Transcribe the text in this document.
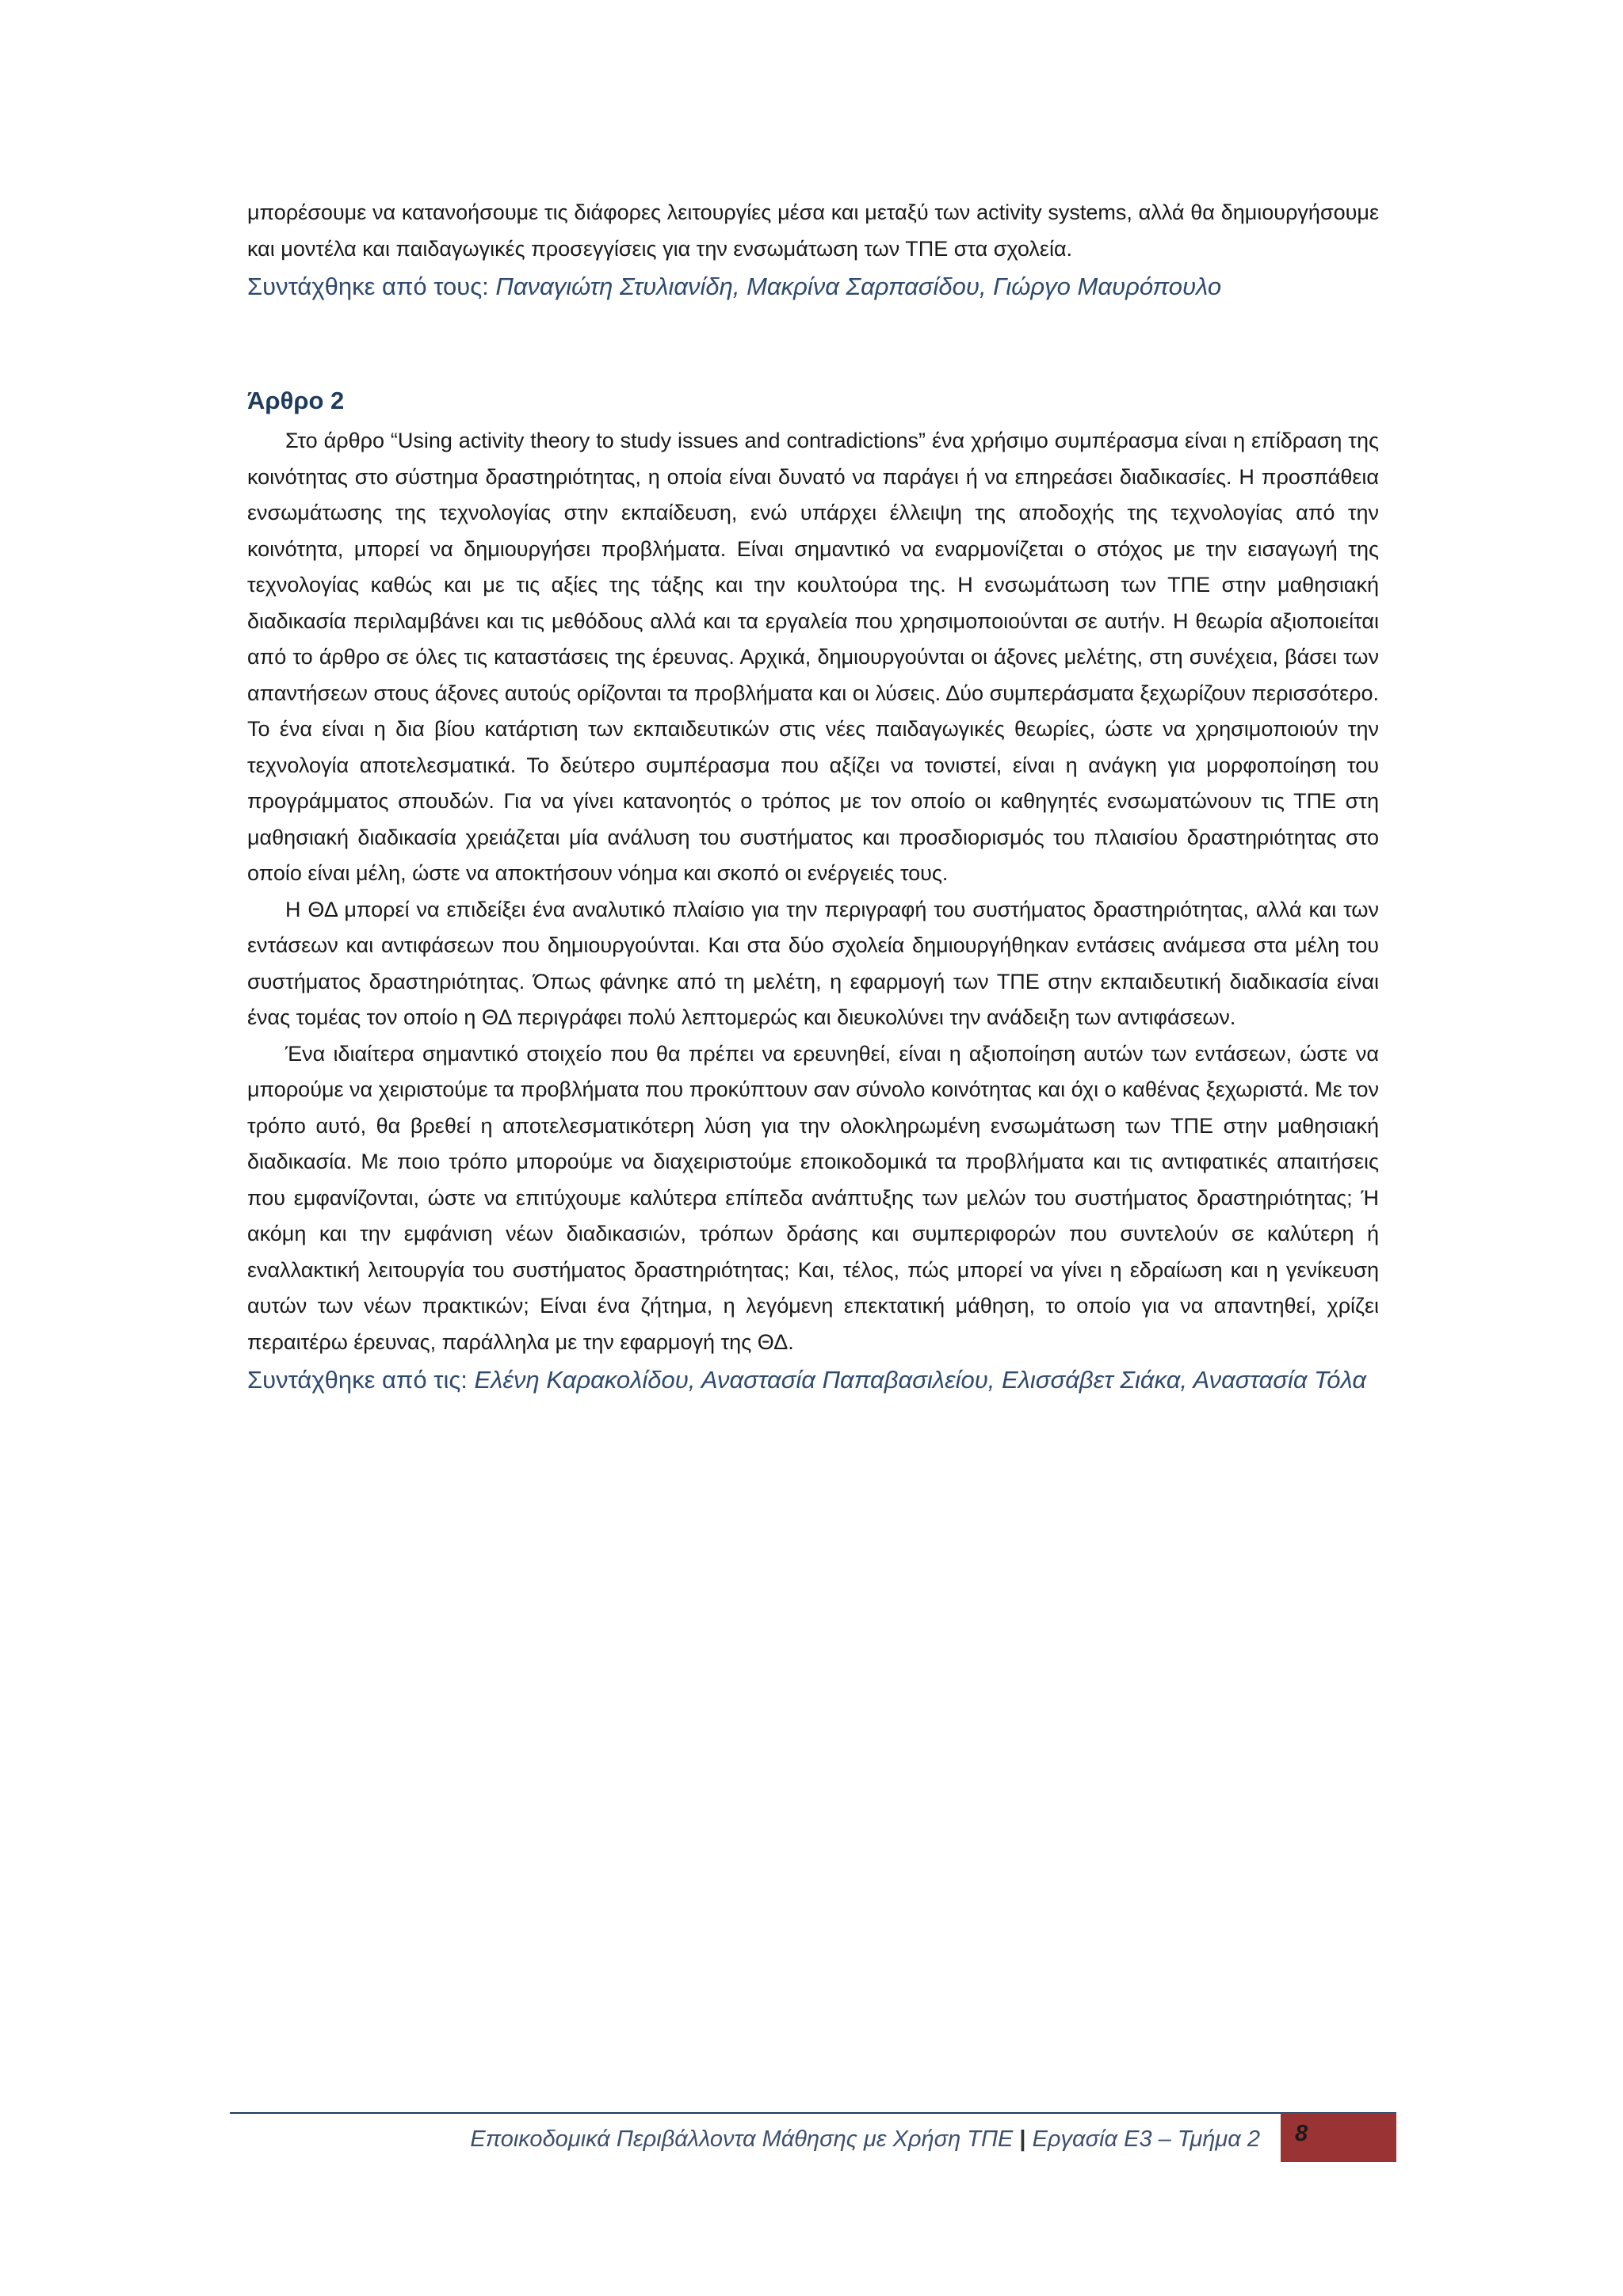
μπορέσουμε να κατανοήσουμε τις διάφορες λειτουργίες μέσα και μεταξύ των activity systems, αλλά θα δημιουργήσουμε και μοντέλα και παιδαγωγικές προσεγγίσεις για την ενσωμάτωση των ΤΠΕ στα σχολεία.

Συντάχθηκε από τους: Παναγιώτη Στυλιανίδη, Μακρίνα Σαρπασίδου, Γιώργο Μαυρόπουλο

Άρθρο 2

Στο άρθρο “Using activity theory to study issues and contradictions” ένα χρήσιμο συμπέρασμα είναι η επίδραση της κοινότητας στο σύστημα δραστηριότητας, η οποία είναι δυνατό να παράγει ή να επηρεάσει διαδικασίες. Η προσπάθεια ενσωμάτωσης της τεχνολογίας στην εκπαίδευση, ενώ υπάρχει έλλειψη της αποδοχής της τεχνολογίας από την κοινότητα, μπορεί να δημιουργήσει προβλήματα. Είναι σημαντικό να εναρμονίζεται ο στόχος με την εισαγωγή της τεχνολογίας καθώς και με τις αξίες της τάξης και την κουλτούρα της. Η ενσωμάτωση των ΤΠΕ στην μαθησιακή διαδικασία περιλαμβάνει και τις μεθόδους αλλά και τα εργαλεία που χρησιμοποιούνται σε αυτήν. Η θεωρία αξιοποιείται από το άρθρο σε όλες τις καταστάσεις της έρευνας. Αρχικά, δημιουργούνται οι άξονες μελέτης, στη συνέχεια, βάσει των απαντήσεων στους άξονες αυτούς ορίζονται τα προβλήματα και οι λύσεις. Δύο συμπεράσματα ξεχωρίζουν περισσότερο. Το ένα είναι η δια βίου κατάρτιση των εκπαιδευτικών στις νέες παιδαγωγικές θεωρίες, ώστε να χρησιμοποιούν την τεχνολογία αποτελεσματικά. Το δεύτερο συμπέρασμα που αξίζει να τονιστεί, είναι η ανάγκη για μορφοποίηση του προγράμματος σπουδών. Για να γίνει κατανοητός ο τρόπος με τον οποίο οι καθηγητές ενσωματώνουν τις ΤΠΕ στη μαθησιακή διαδικασία χρειάζεται μία ανάλυση του συστήματος και προσδιορισμός του πλαισίου δραστηριότητας στο οποίο είναι μέλη, ώστε να αποκτήσουν νόημα και σκοπό οι ενέργειές τους.

Η ΘΔ μπορεί να επιδείξει ένα αναλυτικό πλαίσιο για την περιγραφή του συστήματος δραστηριότητας, αλλά και των εντάσεων και αντιφάσεων που δημιουργούνται. Και στα δύο σχολεία δημιουργήθηκαν εντάσεις ανάμεσα στα μέλη του συστήματος δραστηριότητας. Όπως φάνηκε από τη μελέτη, η εφαρμογή των ΤΠΕ στην εκπαιδευτική διαδικασία είναι ένας τομέας τον οποίο η ΘΔ περιγράφει πολύ λεπτομερώς και διευκολύνει την ανάδειξη των αντιφάσεων.

Ένα ιδιαίτερα σημαντικό στοιχείο που θα πρέπει να ερευνηθεί, είναι η αξιοποίηση αυτών των εντάσεων, ώστε να μπορούμε να χειριστούμε τα προβλήματα που προκύπτουν σαν σύνολο κοινότητας και όχι ο καθένας ξεχωριστά. Με τον τρόπο αυτό, θα βρεθεί η αποτελεσματικότερη λύση για την ολοκληρωμένη ενσωμάτωση των ΤΠΕ στην μαθησιακή διαδικασία. Με ποιο τρόπο μπορούμε να διαχειριστούμε εποικοδομικά τα προβλήματα και τις αντιφατικές απαιτήσεις που εμφανίζονται, ώστε να επιτύχουμε καλύτερα επίπεδα ανάπτυξης των μελών του συστήματος δραστηριότητας; Ή ακόμη και την εμφάνιση νέων διαδικασιών, τρόπων δράσης και συμπεριφορών που συντελούν σε καλύτερη ή εναλλακτική λειτουργία του συστήματος δραστηριότητας; Και, τέλος, πώς μπορεί να γίνει η εδραίωση και η γενίκευση αυτών των νέων πρακτικών; Είναι ένα ζήτημα, η λεγόμενη επεκτατική μάθηση, το οποίο για να απαντηθεί, χρίζει περαιτέρω έρευνας, παράλληλα με την εφαρμογή της ΘΔ.

Συντάχθηκε από τις: Ελένη Καρακολίδου, Αναστασία Παπαβασιλείου, Ελισσάβετ Σιάκα, Αναστασία Τόλα

Εποικοδομικά Περιβάλλοντα Μάθησης με Χρήση ΤΠΕ | Εργασία Ε3 – Τμήμα 2 8
